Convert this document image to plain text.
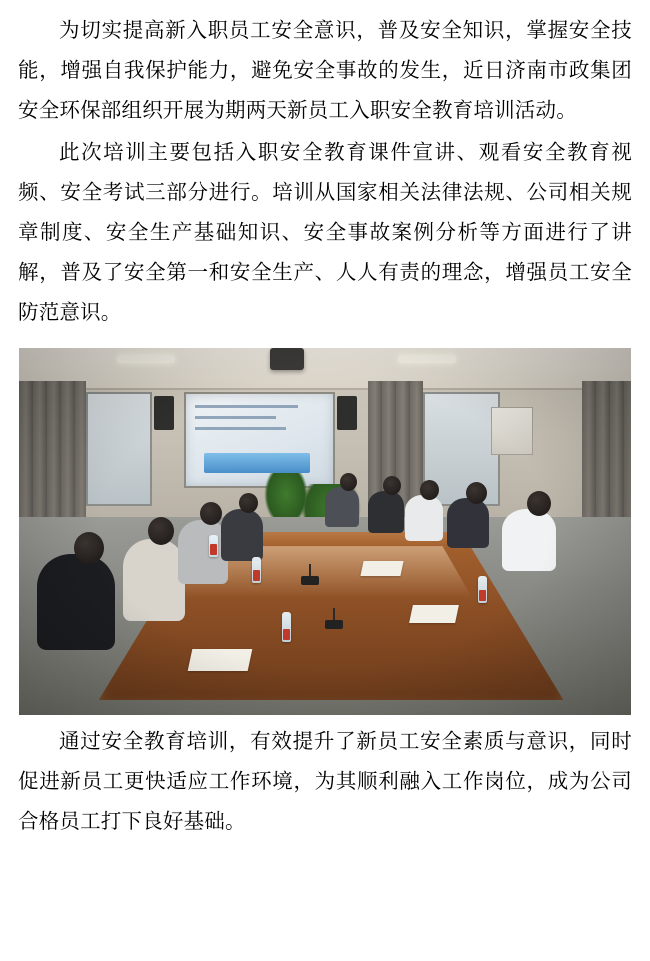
为切实提高新入职员工安全意识，普及安全知识，掌握安全技能，增强自我保护能力，避免安全事故的发生，近日济南市政集团安全环保部组织开展为期两天新员工入职安全教育培训活动。

此次培训主要包括入职安全教育课件宣讲、观看安全教育视频、安全考试三部分进行。培训从国家相关法律法规、公司相关规章制度、安全生产基础知识、安全事故案例分析等方面进行了讲解，普及了安全第一和安全生产、人人有责的理念，增强员工安全防范意识。

通过安全教育培训，有效提升了新员工安全素质与意识，同时促进新员工更快适应工作环境，为其顺利融入工作岗位，成为公司合格员工打下良好基础。
